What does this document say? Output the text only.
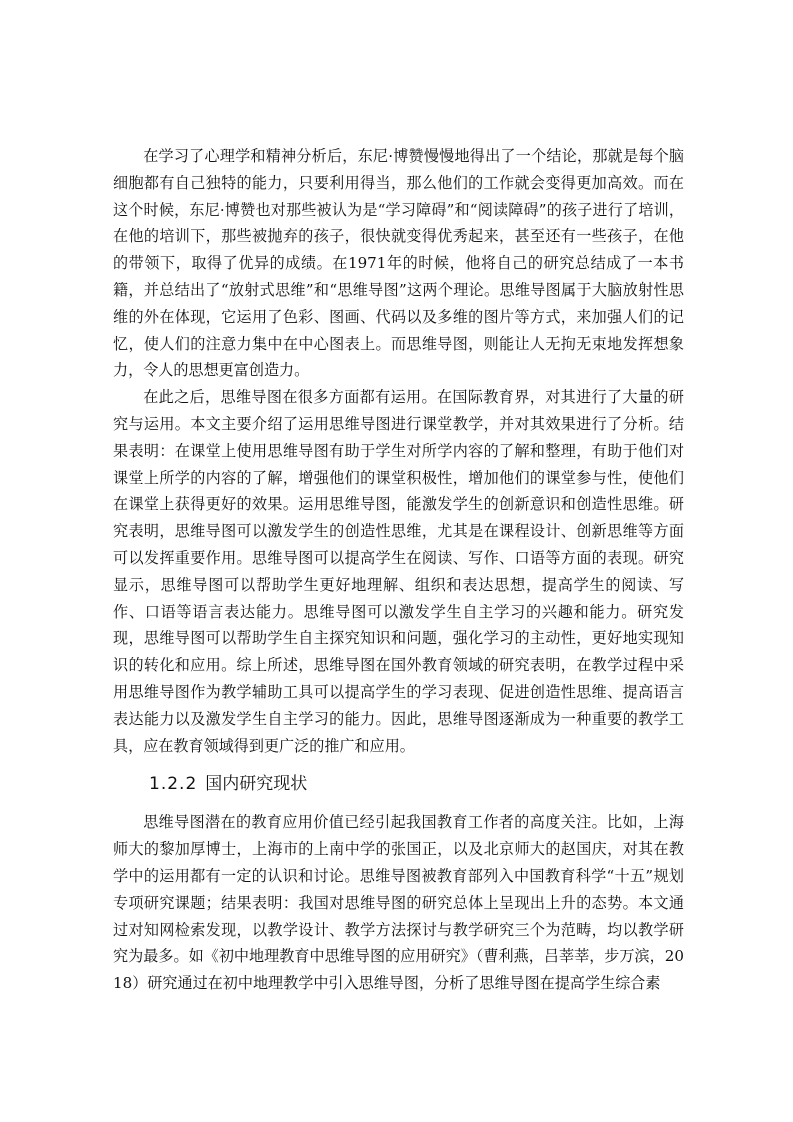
在学习了心理学和精神分析后，东尼·博赞慢慢地得出了一个结论，那就是每个脑细胞都有自己独特的能力，只要利用得当，那么他们的工作就会变得更加高效。而在这个时候，东尼·博赞也对那些被认为是“学习障碍”和“阅读障碍”的孩子进行了培训，在他的培训下，那些被抛弃的孩子，很快就变得优秀起来，甚至还有一些孩子，在他的带领下，取得了优异的成绩。在1971年的时候，他将自己的研究总结成了一本书籍，并总结出了“放射式思维”和“思维导图”这两个理论。思维导图属于大脑放射性思维的外在体现，它运用了色彩、图画、代码以及多维的图片等方式，来加强人们的记忆，使人们的注意力集中在中心图表上。而思维导图，则能让人无拘无束地发挥想象力，令人的思想更富创造力。

在此之后，思维导图在很多方面都有运用。在国际教育界，对其进行了大量的研究与运用。本文主要介绍了运用思维导图进行课堂教学，并对其效果进行了分析。结果表明：在课堂上使用思维导图有助于学生对所学内容的了解和整理，有助于他们对课堂上所学的内容的了解，增强他们的课堂积极性，增加他们的课堂参与性，使他们在课堂上获得更好的效果。运用思维导图，能激发学生的创新意识和创造性思维。研究表明，思维导图可以激发学生的创造性思维，尤其是在课程设计、创新思维等方面可以发挥重要作用。思维导图可以提高学生在阅读、写作、口语等方面的表现。研究显示，思维导图可以帮助学生更好地理解、组织和表达思想，提高学生的阅读、写作、口语等语言表达能力。思维导图可以激发学生自主学习的兴趣和能力。研究发现，思维导图可以帮助学生自主探究知识和问题，强化学习的主动性，更好地实现知识的转化和应用。综上所述，思维导图在国外教育领域的研究表明，在教学过程中采用思维导图作为教学辅助工具可以提高学生的学习表现、促进创造性思维、提高语言表达能力以及激发学生自主学习的能力。因此，思维导图逐渐成为一种重要的教学工具，应在教育领域得到更广泛的推广和应用。

1.2.2 国内研究现状

思维导图潜在的教育应用价值已经引起我国教育工作者的高度关注。比如，上海师大的黎加厚博士，上海市的上南中学的张国正，以及北京师大的赵国庆，对其在教学中的运用都有一定的认识和讨论。思维导图被教育部列入中国教育科学“十五”规划专项研究课题；结果表明：我国对思维导图的研究总体上呈现出上升的态势。本文通过对知网检索发现，以教学设计、教学方法探讨与教学研究三个为范畴，均以教学研究为最多。如《初中地理教育中思维导图的应用研究》（曹利燕，吕莘莘，步万滨，2018）研究通过在初中地理教学中引入思维导图，分析了思维导图在提高学生综合素
